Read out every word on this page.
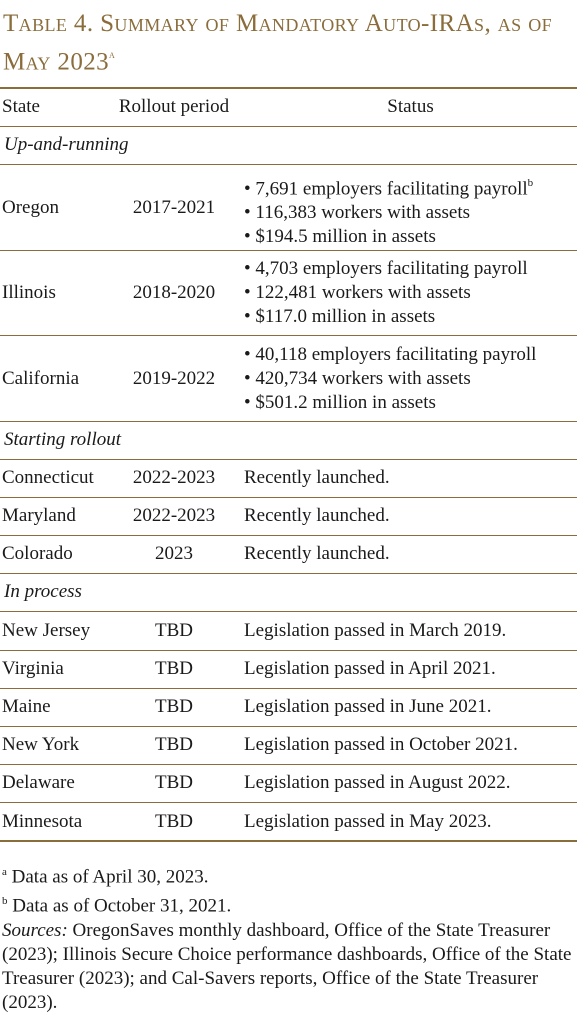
Table 4. Summary of Mandatory Auto-IRAs, as of May 2023$^a$
State	Rollout period	Status
Up-and-running
Oregon	2017-2021
• 7,691 employers facilitating payroll$^b$
• 116,383 workers with assets
• $194.5 million in assets
Illinois	2018-2020
• 4,703 employers facilitating payroll
• 122,481 workers with assets
• $117.0 million in assets
California	2019-2022
• 40,118 employers facilitating payroll
• 420,734 workers with assets
• $501.2 million in assets
Starting rollout
Connecticut	2022-2023	Recently launched.
Maryland	2022-2023	Recently launched.
Colorado	2023	Recently launched.
In process
New Jersey	TBD	Legislation passed in March 2019.
Virginia	TBD	Legislation passed in April 2021.
Maine	TBD	Legislation passed in June 2021.
New York	TBD	Legislation passed in October 2021.
Delaware	TBD	Legislation passed in August 2022.
Minnesota	TBD	Legislation passed in May 2023.

$^a$ Data as of April 30, 2023.

$^b$ Data as of October 31, 2021.

Sources: OregonSaves monthly dashboard, Office of the State Treasurer (2023); Illinois Secure Choice performance dashboards, Office of the State Treasurer (2023); and Cal-Savers reports, Office of the State Treasurer (2023).
